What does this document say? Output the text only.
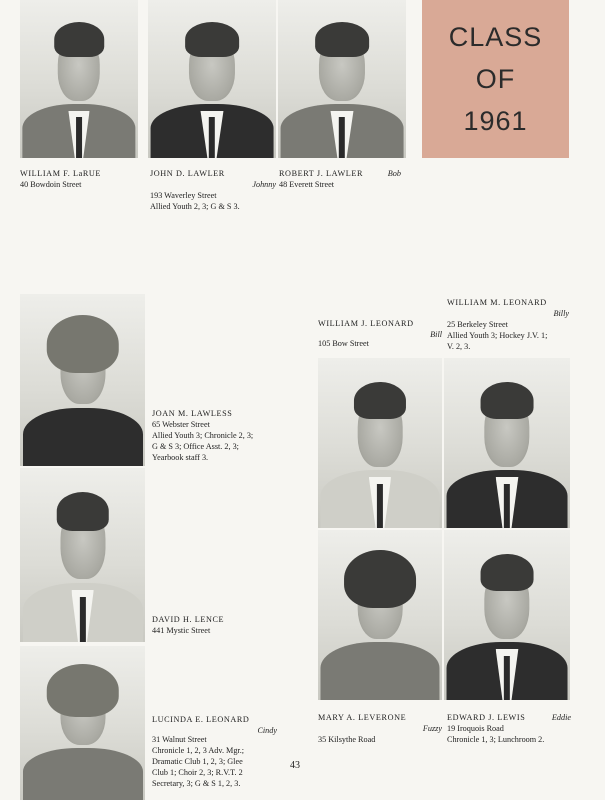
CLASS
OF
1961
WILLIAM F. LaRUE
40 Bowdoin Street
JOHN D. LAWLER
Johnny
193 Waverley Street
Allied Youth 2, 3; G & S 3.
ROBERT J. LAWLER	Bob
48 Everett Street
WILLIAM M. LEONARD
Billy
25 Berkeley Street
Allied Youth 3; Hockey J.V. 1;
V. 2, 3.
WILLIAM J. LEONARD
Bill
105 Bow Street
JOAN M. LAWLESS
65 Webster Street
Allied Youth 3; Chronicle 2, 3;
G & S 3; Office Asst. 2, 3;
Yearbook staff 3.
DAVID H. LENCE
441 Mystic Street
LUCINDA E. LEONARD
Cindy
31 Walnut Street
Chronicle 1, 2, 3 Adv. Mgr.;
Dramatic Club 1, 2, 3; Glee
Club 1; Choir 2, 3; R.V.T. 2
Secretary, 3; G & S 1, 2, 3.
MARY A. LEVERONE
Fuzzy
35 Kilsythe Road
EDWARD J. LEWIS	Eddie
19 Iroquois Road
Chronicle 1, 3; Lunchroom 2.
43
